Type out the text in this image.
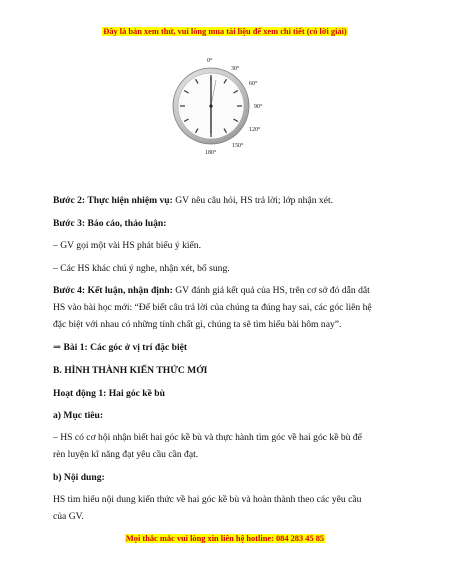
Đây là bản xem thử, vui lòng mua tài liệu để xem chi tiết (có lời giải)
0°
30°
60°
90°
120°
150°
180°
Bước 2: Thực hiện nhiệm vụ: GV nêu câu hỏi, HS trả lời; lớp nhận xét.
Bước 3: Báo cáo, thảo luận:
– GV gọi một vài HS phát biểu ý kiến.
– Các HS khác chú ý nghe, nhận xét, bổ sung.
Bước 4: Kết luận, nhận định: GV đánh giá kết quả của HS, trên cơ sở đó dẫn dắt
HS vào bài học mới: “Để biết câu trả lời của chúng ta đúng hay sai, các góc liên hệ
đặc biệt với nhau có những tính chất gì, chúng ta sẽ tìm hiểu bài hôm nay”.
⇒ Bài 1: Các góc ở vị trí đặc biệt
B. HÌNH THÀNH KIẾN THỨC MỚI
Hoạt động 1: Hai góc kề bù
a) Mục tiêu:
– HS có cơ hội nhận biết hai góc kề bù và thực hành tìm góc về hai góc kề bù để
rèn luyện kĩ năng đạt yêu cầu cần đạt.
b) Nội dung:
HS tìm hiểu nội dung kiến thức về hai góc kề bù và hoàn thành theo các yêu cầu
của GV.
Mọi thắc mắc vui lòng xin liên hệ hotline: 084 283 45 85
